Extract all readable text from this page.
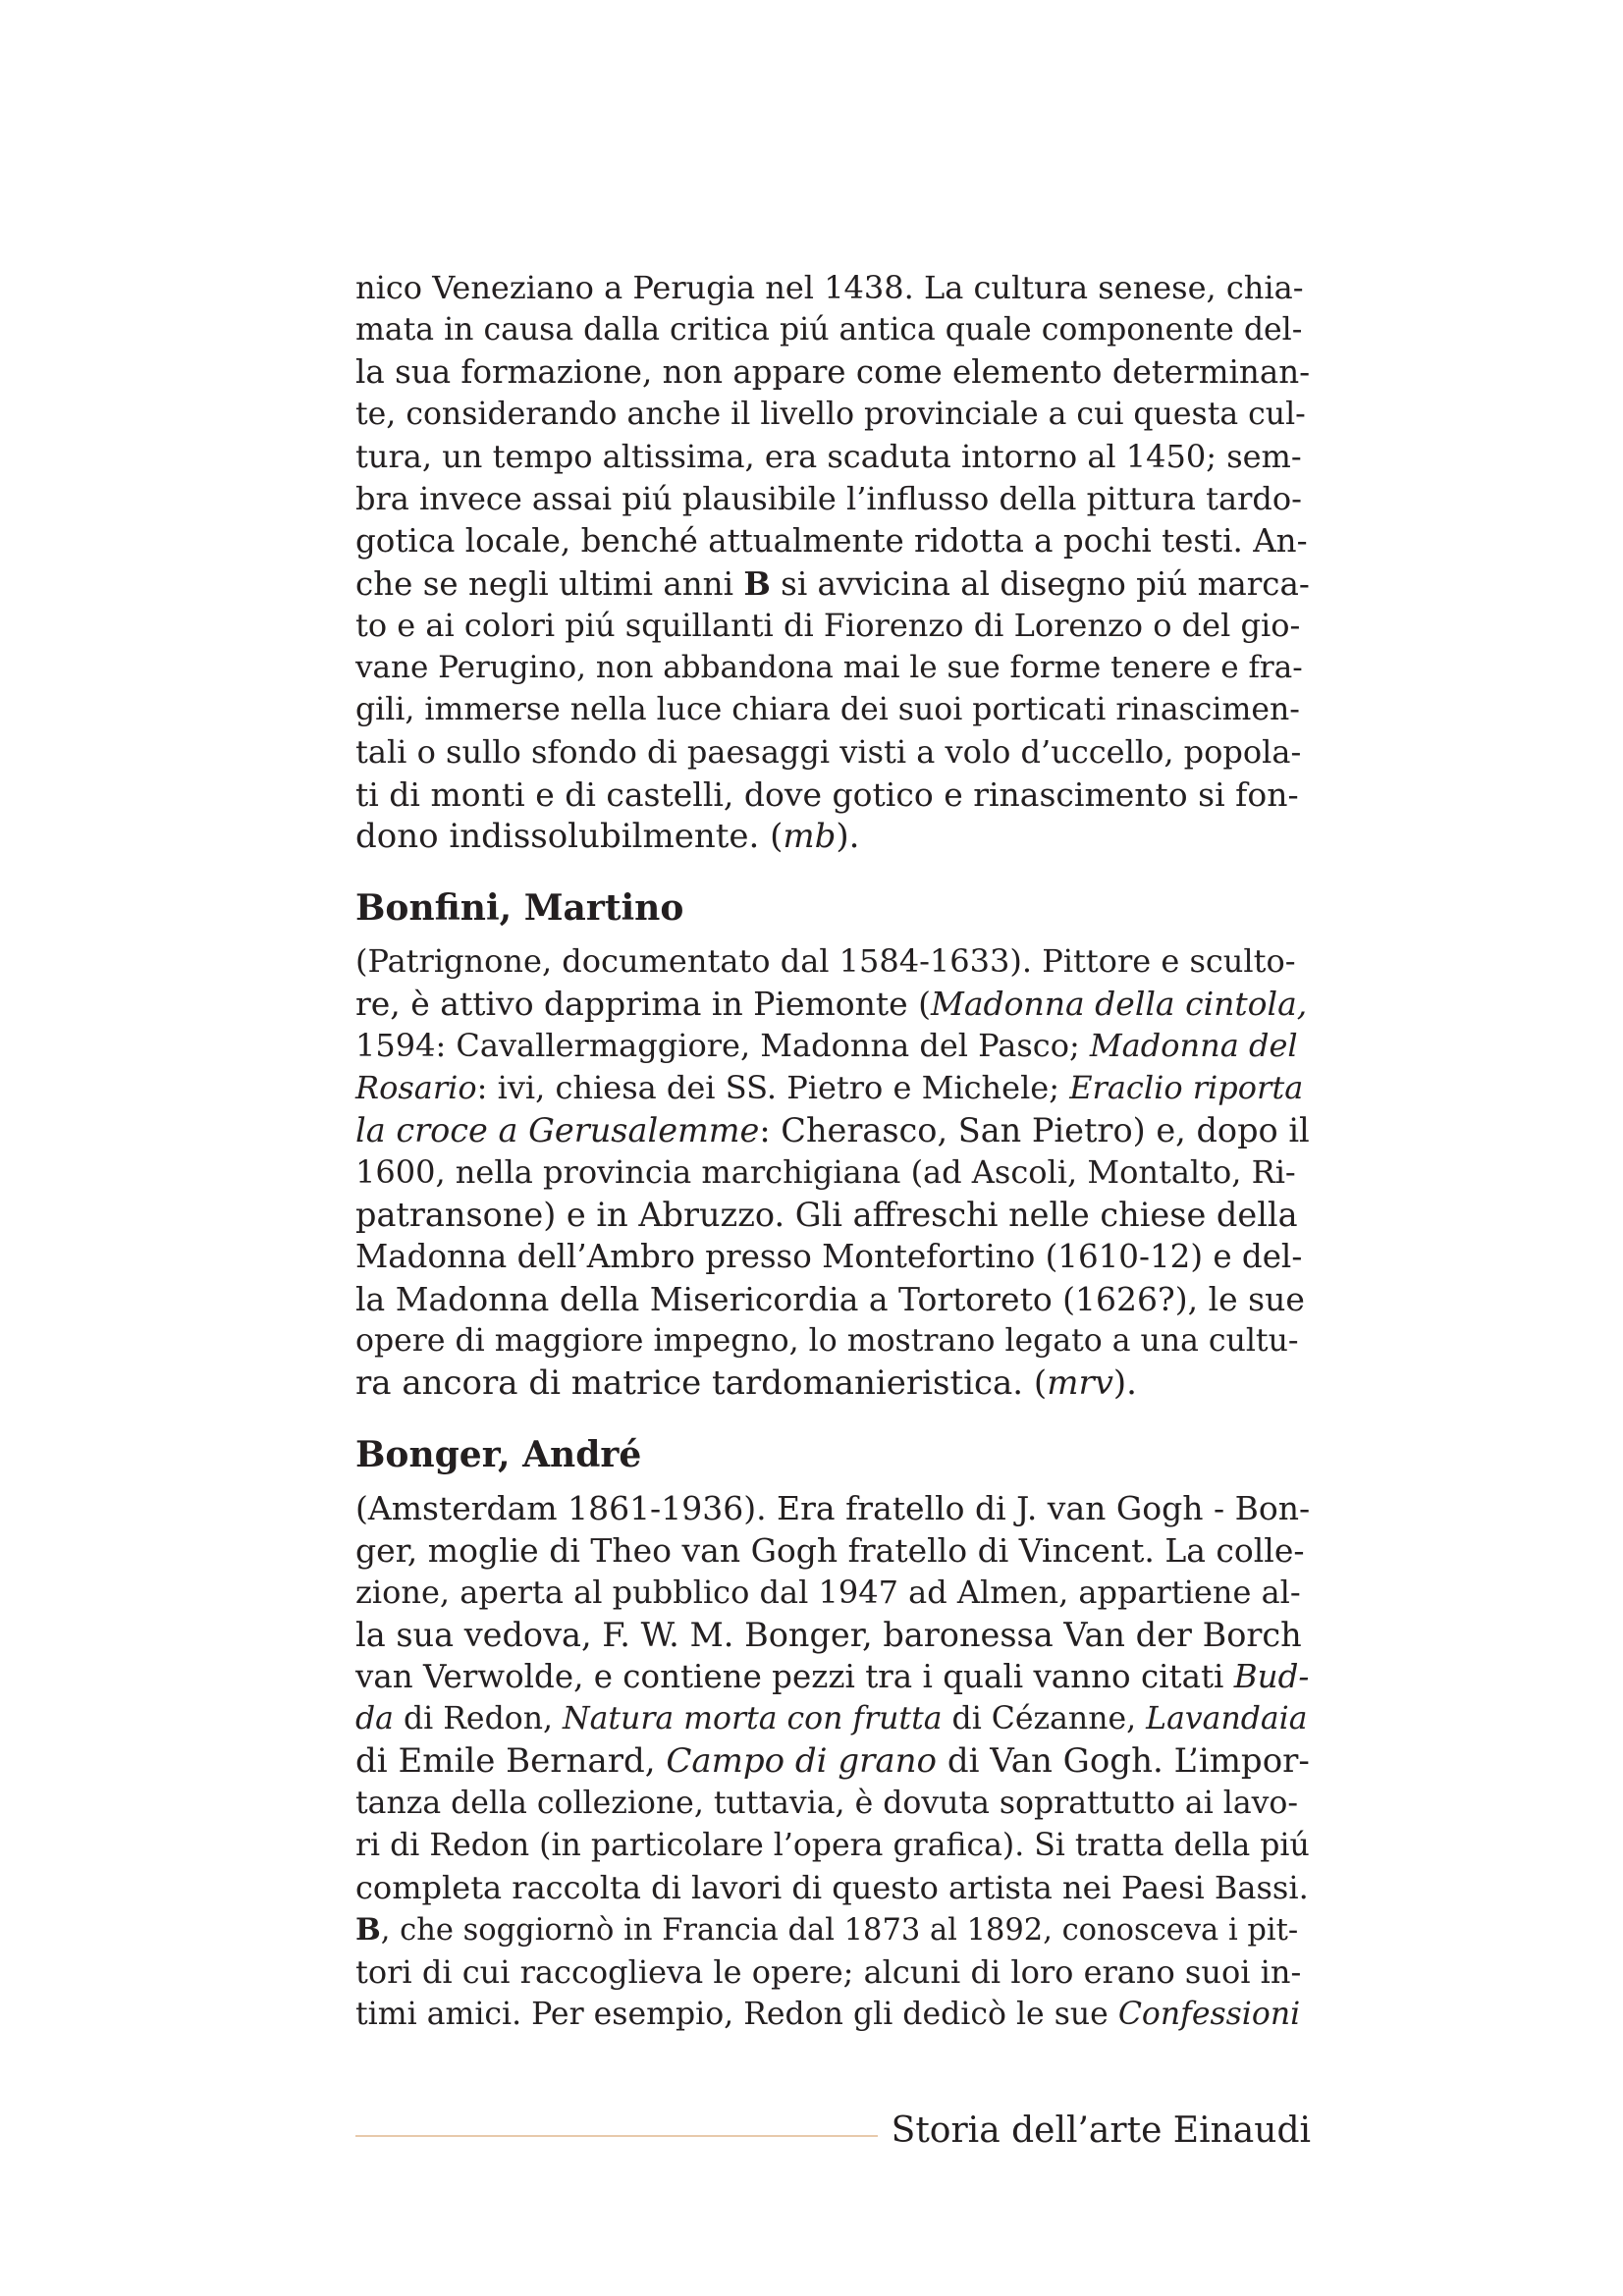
nico Veneziano a Perugia nel 1438. La cultura senese, chia-
mata in causa dalla critica piú antica quale componente del-
la sua formazione, non appare come elemento determinan-
te, considerando anche il livello provinciale a cui questa cul-
tura, un tempo altissima, era scaduta intorno al 1450; sem-
bra invece assai piú plausibile l’influsso della pittura tardo-
gotica locale, benché attualmente ridotta a pochi testi. An-
che se negli ultimi anni B si avvicina al disegno piú marca-
to e ai colori piú squillanti di Fiorenzo di Lorenzo o del gio-
vane Perugino, non abbandona mai le sue forme tenere e fra-
gili, immerse nella luce chiara dei suoi porticati rinascimen-
tali o sullo sfondo di paesaggi visti a volo d’uccello, popola-
ti di monti e di castelli, dove gotico e rinascimento si fon-
dono indissolubilmente. (mb).
Bonfini, Martino
(Patrignone, documentato dal 1584-1633). Pittore e sculto-
re, è attivo dapprima in Piemonte (Madonna della cintola,
1594: Cavallermaggiore, Madonna del Pasco; Madonna del
Rosario: ivi, chiesa dei SS. Pietro e Michele; Eraclio riporta
la croce a Gerusalemme: Cherasco, San Pietro) e, dopo il
1600, nella provincia marchigiana (ad Ascoli, Montalto, Ri-
patransone) e in Abruzzo. Gli affreschi nelle chiese della
Madonna dell’Ambro presso Montefortino (1610-12) e del-
la Madonna della Misericordia a Tortoreto (1626?), le sue
opere di maggiore impegno, lo mostrano legato a una cultu-
ra ancora di matrice tardomanieristica. (mrv).
Bonger, André
(Amsterdam 1861-1936). Era fratello di J. van Gogh - Bon-
ger, moglie di Theo van Gogh fratello di Vincent. La colle-
zione, aperta al pubblico dal 1947 ad Almen, appartiene al-
la sua vedova, F. W. M. Bonger, baronessa Van der Borch
van Verwolde, e contiene pezzi tra i quali vanno citati Bud-
da di Redon, Natura morta con frutta di Cézanne, Lavandaia
di Emile Bernard, Campo di grano di Van Gogh. L’impor-
tanza della collezione, tuttavia, è dovuta soprattutto ai lavo-
ri di Redon (in particolare l’opera grafica). Si tratta della piú
completa raccolta di lavori di questo artista nei Paesi Bassi.
B, che soggiornò in Francia dal 1873 al 1892, conosceva i pit-
tori di cui raccoglieva le opere; alcuni di loro erano suoi in-
timi amici. Per esempio, Redon gli dedicò le sue Confessioni
Storia dell’arte Einaudi
